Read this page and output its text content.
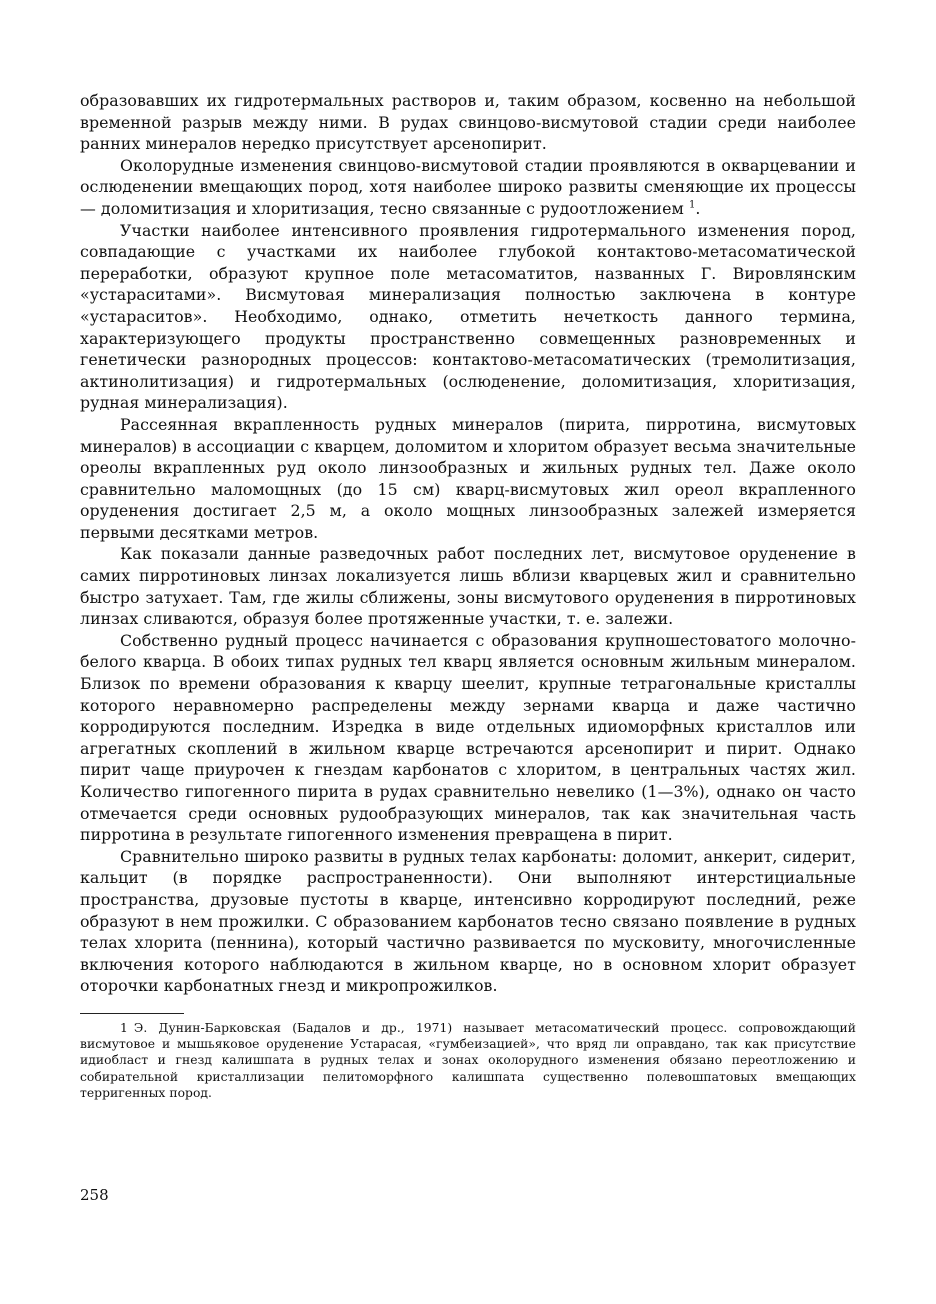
образовавших их гидротермальных растворов и, таким образом, косвенно на небольшой временной разрыв между ними. В рудах свинцово-висмутовой стадии среди наиболее ранних минералов нередко присутствует арсенопирит.

Околорудные изменения свинцово-висмутовой стадии проявляются в окварцевании и ослюденении вмещающих пород, хотя наиболее широко развиты сменяющие их процессы — доломитизация и хлоритизация, тесно связанные с рудоотложением $^1$.

Участки наиболее интенсивного проявления гидротермального изменения пород, совпадающие с участками их наиболее глубокой контактово-метасоматической переработки, образуют крупное поле метасоматитов, названных Г. Вировлянским «устараситами». Висмутовая минерализация полностью заключена в контуре «устараситов». Необходимо, однако, отметить нечеткость данного термина, характеризующего продукты пространственно совмещенных разновременных и генетически разнородных процессов: контактово-метасоматических (тремолитизация, актинолитизация) и гидротермальных (ослюденение, доломитизация, хлоритизация, рудная минерализация).

Рассеянная вкрапленность рудных минералов (пирита, пирротина, висмутовых минералов) в ассоциации с кварцем, доломитом и хлоритом образует весьма значительные ореолы вкрапленных руд около линзообразных и жильных рудных тел. Даже около сравнительно маломощных (до 15 см) кварц-висмутовых жил ореол вкрапленного оруденения достигает 2,5 м, а около мощных линзообразных залежей измеряется первыми десятками метров.

Как показали данные разведочных работ последних лет, висмутовое оруденение в самих пирротиновых линзах локализуется лишь вблизи кварцевых жил и сравнительно быстро затухает. Там, где жилы сближены, зоны висмутового оруденения в пирротиновых линзах сливаются, образуя более протяженные участки, т. е. залежи.

Собственно рудный процесс начинается с образования крупношестоватого молочно-белого кварца. В обоих типах рудных тел кварц является основным жильным минералом. Близок по времени образования к кварцу шеелит, крупные тетрагональные кристаллы которого неравномерно распределены между зернами кварца и даже частично корродируются последним. Изредка в виде отдельных идиоморфных кристаллов или агрегатных скоплений в жильном кварце встречаются арсенопирит и пирит. Однако пирит чаще приурочен к гнездам карбонатов с хлоритом, в центральных частях жил. Количество гипогенного пирита в рудах сравнительно невелико (1—3%), однако он часто отмечается среди основных рудообразующих минералов, так как значительная часть пирротина в результате гипогенного изменения превращена в пирит.

Сравнительно широко развиты в рудных телах карбонаты: доломит, анкерит, сидерит, кальцит (в порядке распространенности). Они выполняют интерстициальные пространства, друзовые пустоты в кварце, интенсивно корродируют последний, реже образуют в нем прожилки. С образованием карбонатов тесно связано появление в рудных телах хлорита (пеннина), который частично развивается по мусковиту, многочисленные включения которого наблюдаются в жильном кварце, но в основном хлорит образует оторочки карбонатных гнезд и микропрожилков.

1 Э. Дунин-Барковская (Бадалов и др., 1971) называет метасоматический процесс. сопровождающий висмутовое и мышьяковое оруденение Устарасая, «гумбеизацией», что вряд ли оправдано, так как присутствие идиобласт и гнезд калишпата в рудных телах и зонах околорудного изменения обязано переотложению и собирательной кристаллизации пелитоморфного калишпата существенно полевошпатовых вмещающих терригенных пород.

258
